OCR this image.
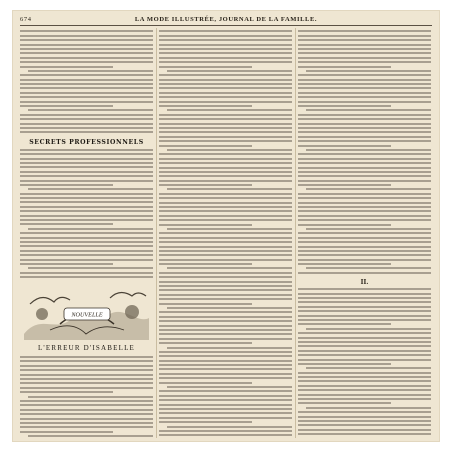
674	LA MODE ILLUSTRÉE, JOURNAL DE LA FAMILLE.
SECRETS PROFESSIONNELS
NOUVELLE
L'ERREUR D'ISABELLE
II.
